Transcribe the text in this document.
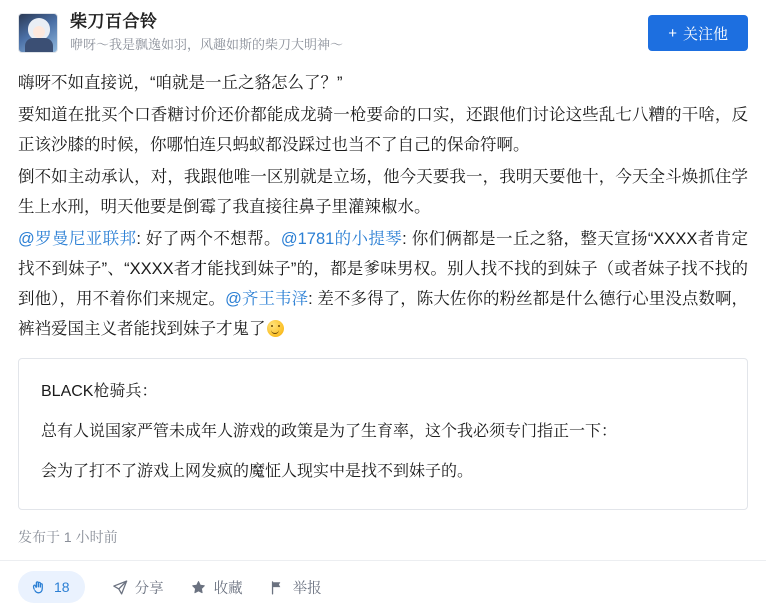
柴刀百合铃
咿呀～我是飘逸如羽，风趣如斯的柴刀大明神～
+ 关注他

嗨呀不如直接说，“咱就是一丘之貉怎么了？”

要知道在批买个口香糖讨价还价都能成龙骑一枪要命的口实，还跟他们讨论这些乱七八糟的干啥，反正该沙膝的时候，你哪怕连只蚂蚁都没踩过也当不了自己的保命符啊。

倒不如主动承认，对，我跟他唯一区别就是立场，他今天要我一，我明天要他十，今天全斗焕抓住学生上水刑，明天他要是倒霉了我直接往鼻子里灌辣椒水。

@罗曼尼亚联邦: 好了两个不想帮。@1781的小提琴: 你们俩都是一丘之貉，整天宣扬“XXXX者肯定找不到妹子”、“XXXX者才能找到妹子”的，都是爹味男权。别人找不找的到妹子（或者妹子找不找的到他），用不着你们来规定。@齐王韦泽: 差不多得了，陈大佐你的粉丝都是什么德行心里没点数啊，裤裆爱国主义者能找到妹子才鬼了

BLACK枪骑兵：

总有人说国家严管未成年人游戏的政策是为了生育率，这个我必须专门指正一下：

会为了打不了游戏上网发疯的魔怔人现实中是找不到妹子的。

发布于 1 小时前
18	分享	收藏	举报
